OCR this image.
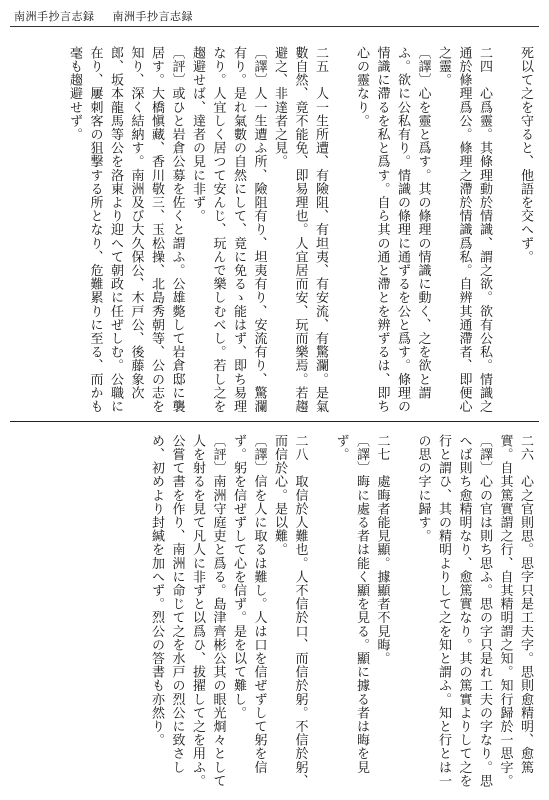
南洲手抄言志録 南洲手抄言志録
死以て之を守ると、他語を交へず。

二四　心爲靈。其條理動於情識、謂之欲。欲有公私。情識之通於條理爲公。條理之滯於情識爲私。自辨其通滯者、即便心之靈。
〔譯〕心を靈と爲す。其の條理の情識に動く、之を欲と謂ふ。欲に公私有り。情識の條理に通ずるを公と爲す。條理の情識に滯るを私と爲す。自ら其の通と滯とを辨ずるは、即ち心の靈なり。

二五　人一生所遭、有險阻、有坦夷、有安流、有驚瀾。是氣數自然、竟不能免、即易理也。人宜居而安、玩而樂焉。若趨避之、非達者之見。
〔譯〕人一生遭ふ所、險阻有り、坦夷有り、安流有り、驚瀾有り。是れ氣數の自然にして、竟に免るゝ能はず、即ち易理なり。人宜しく居つて安んじ、玩んで樂しむべし。若し之を趨避せば、達者の見に非ず。
〔評〕或ひと岩倉公募を佐くと謂ふ。公雄斃して岩倉邸に襲居す。大橋愼藏、香川敬三、玉松操、北島秀朝等、公の志を知り、深く結納す。南洲及び大久保公、木戸公、後藤象次郎、坂本龍馬等公を洛東より迎へて朝政に任ぜしむ。公職に在り、屢刺客の狙撃する所となり、危難累りに至る、而かも毫も趨避せず。
二六　心之官則思。思字只是工夫字。思則愈精明、愈篤實。自其篤實謂之行、自其精明謂之知。知行歸於一思字。
〔譯〕心の官は則ち思ふ。思の字只是れ工夫の字なり。思へば則ち愈精明なり、愈篤實なり。其の篤實よりして之を行と謂ひ、其の精明よりして之を知と謂ふ。知と行とは一の思の字に歸す。

二七　處晦者能見顯。據顯者不見晦。
〔譯〕晦に處る者は能く顯を見る。顯に據る者は晦を見ず。

二八　取信於人難也。人不信於口、而信於躬。不信於躬、而信於心。是以難。
〔譯〕信を人に取るは難し。人は口を信ぜずして躬を信ず。躬を信ぜずして心を信ず。是を以て難し。
〔評〕南洲守庭吏と爲る。島津齊彬公其の眼光烱々として人を射るを見て凡人に非ずと以爲ひ、拔擢して之を用ふ。公嘗て書を作り、南洲に命じて之を水戸の烈公に致さしめ、初めより封緘を加へず。烈公の答書も亦然り。
